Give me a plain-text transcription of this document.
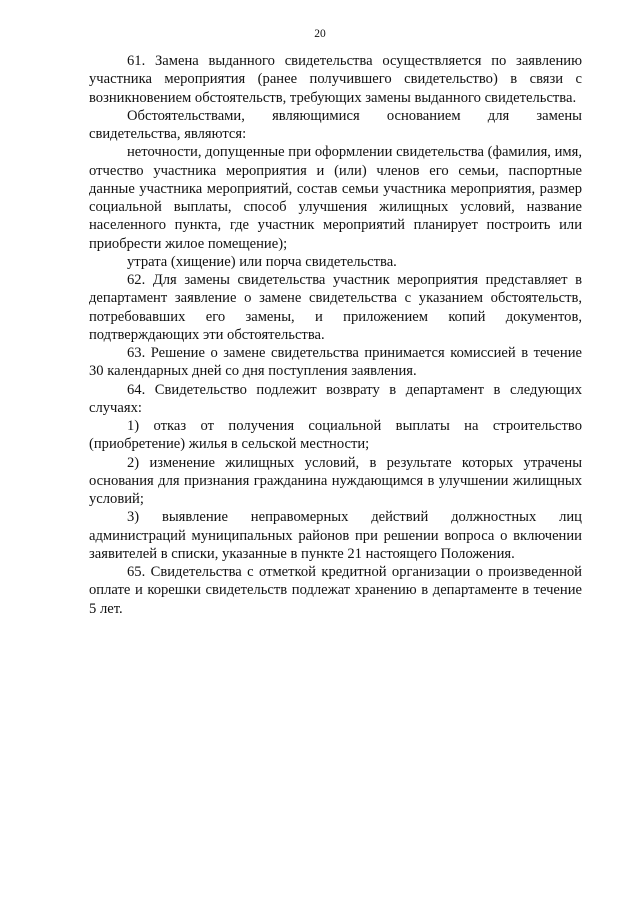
20

61. Замена выданного свидетельства осуществляется по заявлению участника мероприятия (ранее получившего свидетельство) в связи с возникновением обстоятельств, требующих замены выданного свидетельства.

Обстоятельствами, являющимися основанием для замены свидетельства, являются:

неточности, допущенные при оформлении свидетельства (фамилия, имя, отчество участника мероприятия и (или) членов его семьи, паспортные данные участника мероприятий, состав семьи участника мероприятия, размер социальной выплаты, способ улучшения жилищных условий, название населенного пункта, где участник мероприятий планирует построить или приобрести жилое помещение);

утрата (хищение) или порча свидетельства.

62. Для замены свидетельства участник мероприятия представляет в департамент заявление о замене свидетельства с указанием обстоятельств, потребовавших его замены, и приложением копий документов, подтверждающих эти обстоятельства.

63. Решение о замене свидетельства принимается комиссией в течение 30 календарных дней со дня поступления заявления.

64. Свидетельство подлежит возврату в департамент в следующих случаях:

1) отказ от получения социальной выплаты на строительство (приобретение) жилья в сельской местности;

2) изменение жилищных условий, в результате которых утрачены основания для признания гражданина нуждающимся в улучшении жилищных условий;

3) выявление неправомерных действий должностных лиц администраций муниципальных районов при решении вопроса о включении заявителей в списки, указанные в пункте 21 настоящего Положения.

65. Свидетельства с отметкой кредитной организации о произведенной оплате и корешки свидетельств подлежат хранению в департаменте в течение 5 лет.
